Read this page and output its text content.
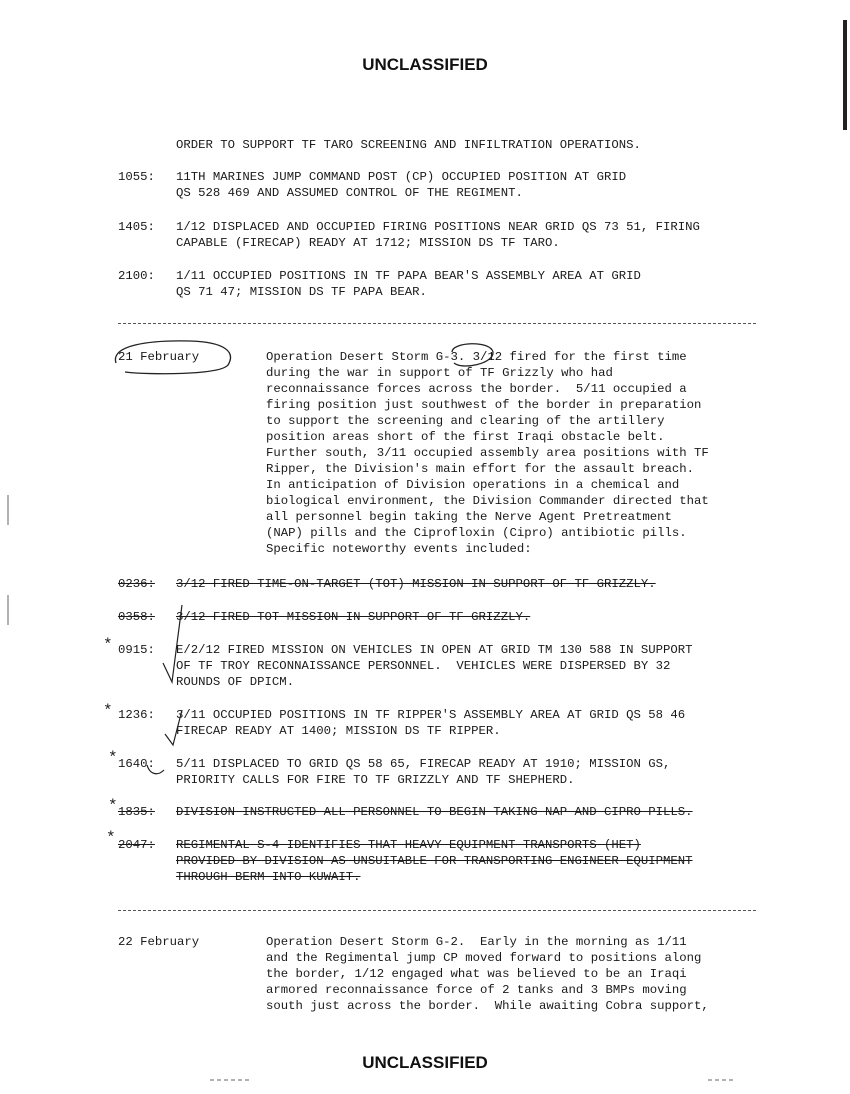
UNCLASSIFIED
ORDER TO SUPPORT TF TARO SCREENING AND INFILTRATION OPERATIONS.
1055: 11TH MARINES JUMP COMMAND POST (CP) OCCUPIED POSITION AT GRID
QS 528 469 AND ASSUMED CONTROL OF THE REGIMENT.
1405: 1/12 DISPLACED AND OCCUPIED FIRING POSITIONS NEAR GRID QS 73 51, FIRING
CAPABLE (FIRECAP) READY AT 1712; MISSION DS TF TARO.
2100: 1/11 OCCUPIED POSITIONS IN TF PAPA BEAR'S ASSEMBLY AREA AT GRID
QS 71 47; MISSION DS TF PAPA BEAR.
21 February	Operation Desert Storm G-3. 3/12 fired for the first time
during the war in support of TF Grizzly who had
reconnaissance forces across the border.  5/11 occupied a
firing position just southwest of the border in preparation
to support the screening and clearing of the artillery
position areas short of the first Iraqi obstacle belt.
Further south, 3/11 occupied assembly area positions with TF
Ripper, the Division's main effort for the assault breach.
In anticipation of Division operations in a chemical and
biological environment, the Division Commander directed that
all personnel begin taking the Nerve Agent Pretreatment
(NAP) pills and the Ciprofloxin (Cipro) antibiotic pills.
Specific noteworthy events included:
0236: 3/12 FIRED TIME-ON-TARGET (TOT) MISSION IN SUPPORT OF TF GRIZZLY.
0358: 3/12 FIRED TOT MISSION IN SUPPORT OF TF GRIZZLY.
0915: E/2/12 FIRED MISSION ON VEHICLES IN OPEN AT GRID TM 130 588 IN SUPPORT
OF TF TROY RECONNAISSANCE PERSONNEL.  VEHICLES WERE DISPERSED BY 32
ROUNDS OF DPICM.
1236: 3/11 OCCUPIED POSITIONS IN TF RIPPER'S ASSEMBLY AREA AT GRID QS 58 46
FIRECAP READY AT 1400; MISSION DS TF RIPPER.
1640: 5/11 DISPLACED TO GRID QS 58 65, FIRECAP READY AT 1910; MISSION GS,
PRIORITY CALLS FOR FIRE TO TF GRIZZLY AND TF SHEPHERD.
1835: DIVISION INSTRUCTED ALL PERSONNEL TO BEGIN TAKING NAP AND CIPRO PILLS.
2047: REGIMENTAL S-4 IDENTIFIES THAT HEAVY EQUIPMENT TRANSPORTS (HET)
PROVIDED BY DIVISION AS UNSUITABLE FOR TRANSPORTING ENGINEER EQUIPMENT
THROUGH BERM INTO KUWAIT.
22 February	Operation Desert Storm G-2.  Early in the morning as 1/11
and the Regimental jump CP moved forward to positions along
the border, 1/12 engaged what was believed to be an Iraqi
armored reconnaissance force of 2 tanks and 3 BMPs moving
south just across the border.  While awaiting Cobra support,
UNCLASSIFIED
*
*
*
*
*
